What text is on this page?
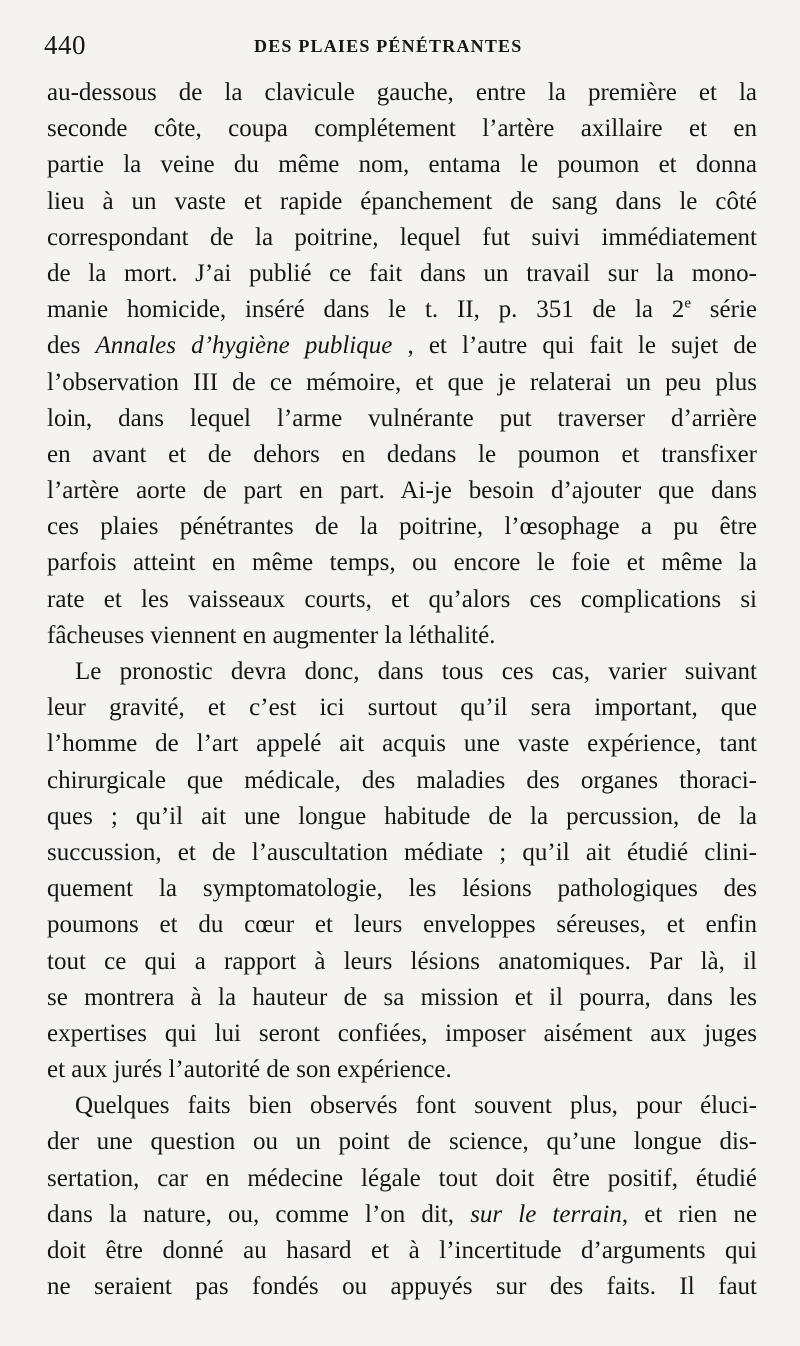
440	DES PLAIES PÉNÉTRANTES
au-dessous de la clavicule gauche, entre la première et la
seconde côte, coupa complétement l’artère axillaire et en
partie la veine du même nom, entama le poumon et donna
lieu à un vaste et rapide épanchement de sang dans le côté
correspondant de la poitrine, lequel fut suivi immédiatement
de la mort. J’ai publié ce fait dans un travail sur la mono-
manie homicide, inséré dans le t. II, p. 351 de la 2e série
des Annales d’hygiène publique , et l’autre qui fait le sujet de
l’observation III de ce mémoire, et que je relaterai un peu plus
loin, dans lequel l’arme vulnérante put traverser d’arrière
en avant et de dehors en dedans le poumon et transfixer
l’artère aorte de part en part. Ai-je besoin d’ajouter que dans
ces plaies pénétrantes de la poitrine, l’œsophage a pu être
parfois atteint en même temps, ou encore le foie et même la
rate et les vaisseaux courts, et qu’alors ces complications si
fâcheuses viennent en augmenter la léthalité.
Le pronostic devra donc, dans tous ces cas, varier suivant
leur gravité, et c’est ici surtout qu’il sera important, que
l’homme de l’art appelé ait acquis une vaste expérience, tant
chirurgicale que médicale, des maladies des organes thoraci-
ques ; qu’il ait une longue habitude de la percussion, de la
succussion, et de l’auscultation médiate ; qu’il ait étudié clini-
quement la symptomatologie, les lésions pathologiques des
poumons et du cœur et leurs enveloppes séreuses, et enfin
tout ce qui a rapport à leurs lésions anatomiques. Par là, il
se montrera à la hauteur de sa mission et il pourra, dans les
expertises qui lui seront confiées, imposer aisément aux juges
et aux jurés l’autorité de son expérience.
Quelques faits bien observés font souvent plus, pour éluci-
der une question ou un point de science, qu’une longue dis-
sertation, car en médecine légale tout doit être positif, étudié
dans la nature, ou, comme l’on dit, sur le terrain, et rien ne
doit être donné au hasard et à l’incertitude d’arguments qui
ne seraient pas fondés ou appuyés sur des faits. Il faut
